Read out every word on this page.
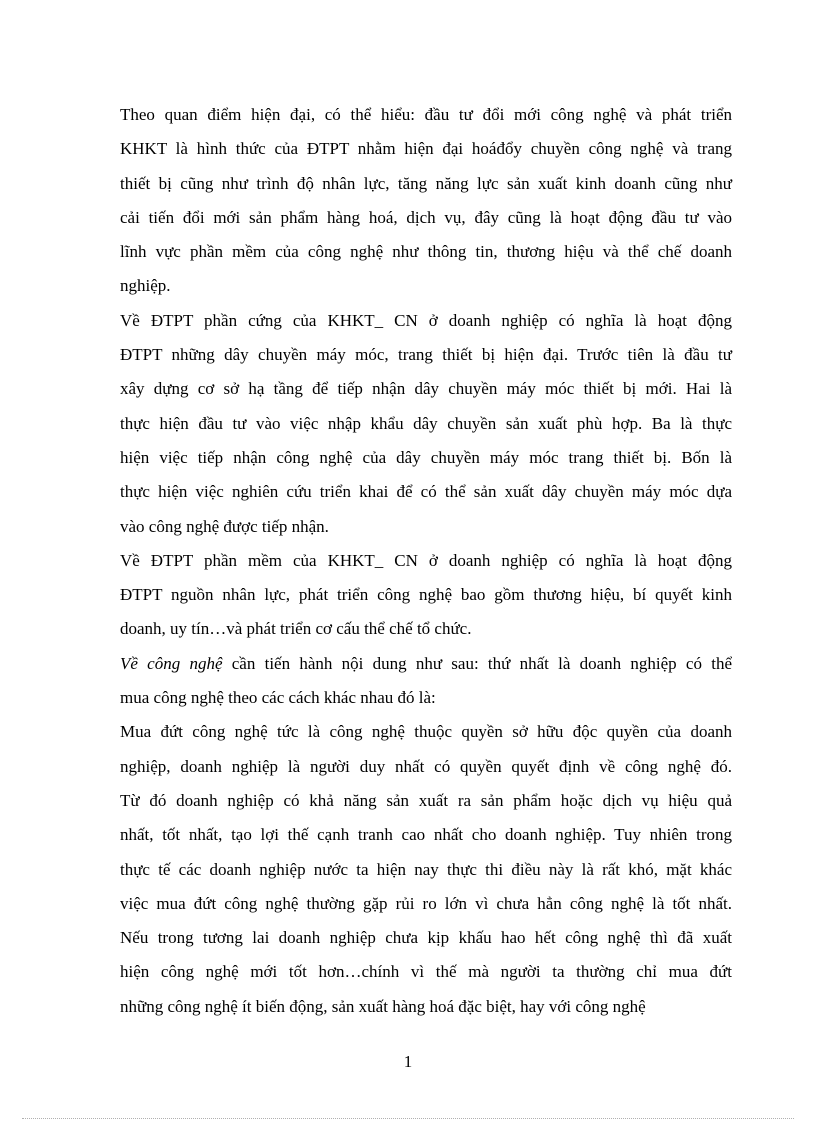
Theo quan điểm hiện đại, có thể hiểu: đầu tư đổi mới công nghệ và phát triển
KHKT là hình thức của ĐTPT nhằm hiện đại hoáđổy chuyền công nghệ và trang
thiết bị cũng như trình độ nhân lực, tăng năng lực sản xuất kinh doanh cũng như
cải tiến đổi mới sản phẩm hàng hoá, dịch vụ, đây cũng là hoạt động đầu tư vào
lĩnh vực phần mềm của công nghệ như thông tin, thương hiệu và thể chế doanh
nghiệp.
Về ĐTPT phần cứng của KHKT_ CN ở doanh nghiệp có nghĩa là hoạt động
ĐTPT những dây chuyền máy móc, trang thiết bị hiện đại. Trước tiên là đầu tư
xây dựng cơ sở hạ tầng để tiếp nhận dây chuyền máy móc thiết bị mới. Hai là
thực hiện đầu tư vào việc nhập khẩu dây chuyền sản xuất phù hợp. Ba là thực
hiện việc tiếp nhận công nghệ của dây chuyền máy móc trang thiết bị. Bốn là
thực hiện việc nghiên cứu triển khai để có thể sản xuất dây chuyền máy móc dựa
vào công nghệ được tiếp nhận.
Về ĐTPT phần mềm của KHKT_ CN ở doanh nghiệp có nghĩa là hoạt động
ĐTPT nguồn nhân lực, phát triển công nghệ bao gồm thương hiệu, bí quyết kinh
doanh, uy tín…và phát triển cơ cấu thể chế tổ chức.
Về công nghệ cần tiến hành nội dung như sau: thứ nhất là doanh nghiệp có thể
mua công nghệ theo các cách khác nhau đó là:
Mua đứt công nghệ tức là công nghệ thuộc quyền sở hữu độc quyền của doanh
nghiệp, doanh nghiệp là người duy nhất có quyền quyết định về công nghệ đó.
Từ đó doanh nghiệp có khả năng sản xuất ra sản phẩm hoặc dịch vụ hiệu quả
nhất, tốt nhất, tạo lợi thế cạnh tranh cao nhất cho doanh nghiệp. Tuy nhiên trong
thực tế các doanh nghiệp nước ta hiện nay thực thi điều này là rất khó, mặt khác
việc mua đứt công nghệ thường gặp rủi ro lớn vì chưa hẳn công nghệ là tốt nhất.
Nếu trong tương lai doanh nghiệp chưa kịp khấu hao hết công nghệ thì đã xuất
hiện công nghệ mới tốt hơn…chính vì thế mà người ta thường chỉ mua đứt
những công nghệ ít biến động, sản xuất hàng hoá đặc biệt, hay với công nghệ
1
